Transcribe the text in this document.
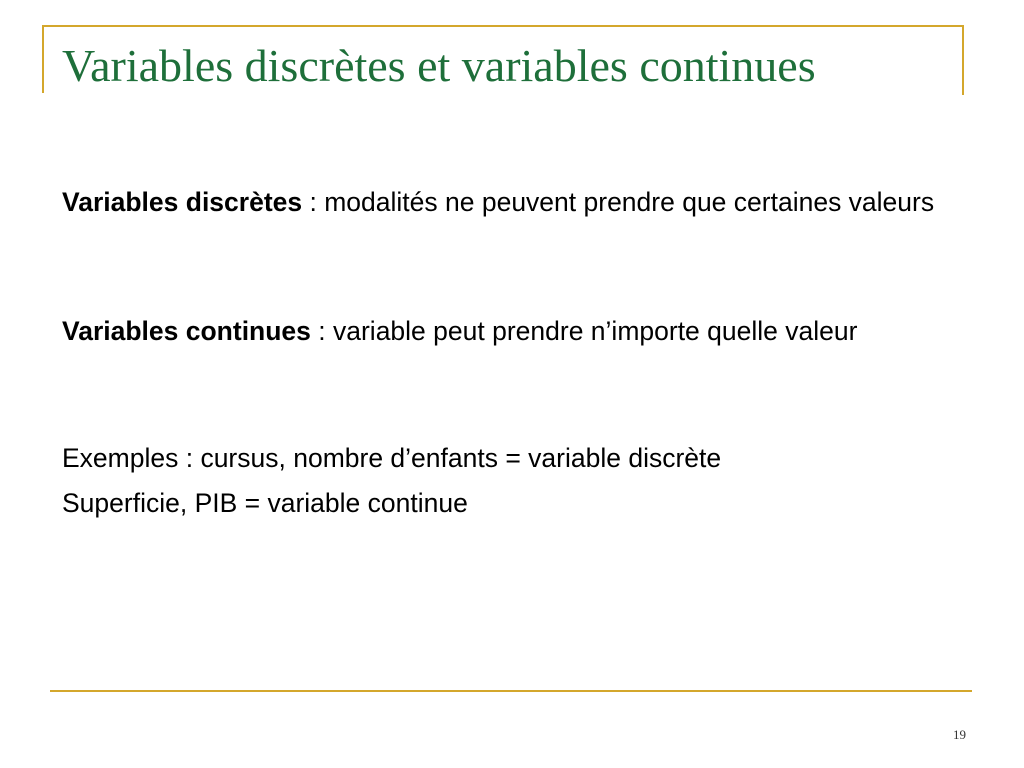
Variables discrètes et variables continues

Variables discrètes : modalités ne peuvent prendre que certaines valeurs

Variables continues : variable peut prendre n’importe quelle valeur

Exemples : cursus, nombre d’enfants = variable discrète

Superficie, PIB = variable continue

19
